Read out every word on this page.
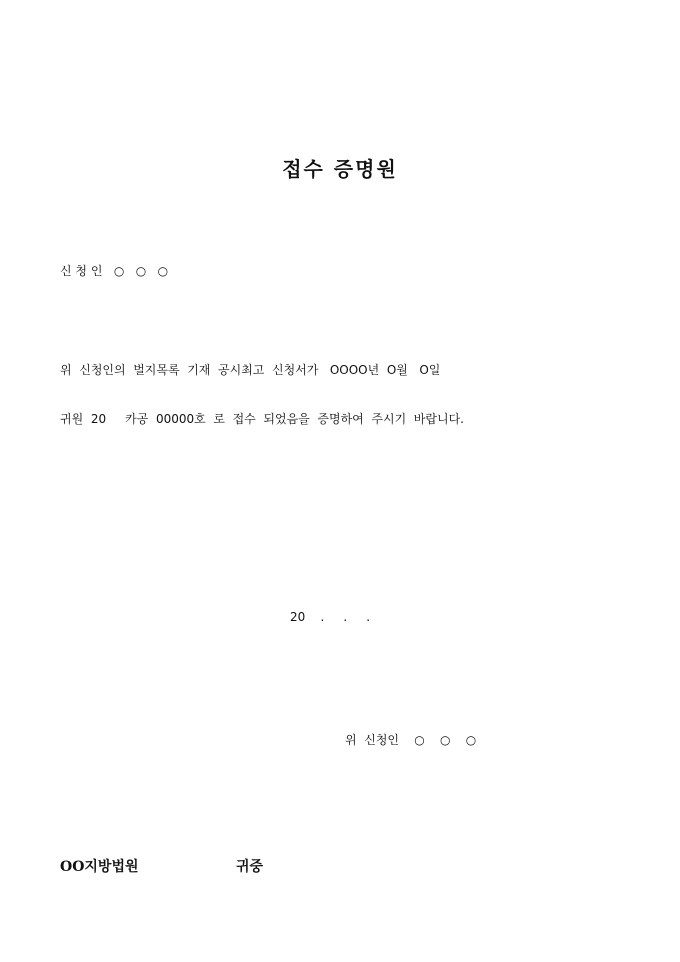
접수 증명원
신 청 인   ○   ○   ○
위  신청인의  벌지목록  기재  공시최고  신청서가   OOOO년  O월   O일
귀원  20     카공  00000호  로  접수  되었음을  증명하여  주시기  바랍니다.
20    .     .     .
위  신청인    ○    ○    ○
OO지방법원	귀중
